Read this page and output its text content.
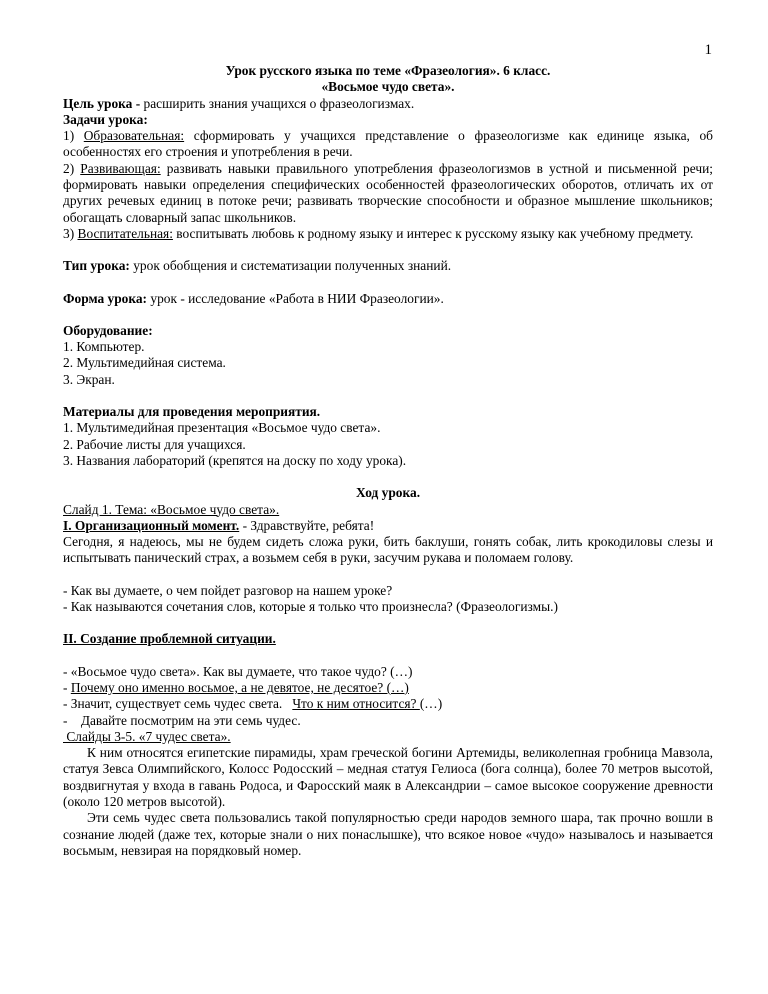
1

Урок русского языка по теме «Фразеология». 6 класс.

«Восьмое чудо света».

Цель урока - расширить знания учащихся о фразеологизмах.

Задачи урока:

1) Образовательная: сформировать у учащихся представление о фразеологизме как единице языка, об особенностях его строения и употребления в речи.

2) Развивающая: развивать навыки правильного употребления фразеологизмов в устной и письменной речи; формировать навыки определения специфических особенностей фразеологических оборотов, отличать их от других речевых единиц в потоке речи; развивать творческие способности и образное мышление школьников; обогащать словарный запас школьников.

3) Воспитательная: воспитывать любовь к родному языку и интерес к русскому языку как учебному предмету.

Тип урока: урок обобщения и систематизации полученных знаний.

Форма урока: урок - исследование «Работа в НИИ Фразеологии».

Оборудование:

1. Компьютер.

2. Мультимедийная система.

3. Экран.

Материалы для проведения мероприятия.

1. Мультимедийная презентация «Восьмое чудо света».

2. Рабочие листы для учащихся.

3. Названия лабораторий (крепятся на доску по ходу урока).

Ход урока.

Слайд 1. Тема: «Восьмое чудо света».

I. Организационный момент. - Здравствуйте, ребята!

Сегодня, я надеюсь, мы не будем сидеть сложа руки, бить баклуши, гонять собак, лить крокодиловы слезы и испытывать панический страх, а возьмем себя в руки, засучим рукава и поломаем голову.

- Как вы думаете, о чем пойдет разговор на нашем уроке?

- Как называются сочетания слов, которые я только что произнесла? (Фразеологизмы.)

II. Создание проблемной ситуации.

- «Восьмое чудо света». Как вы думаете, что такое чудо? (…)

- Почему оно именно восьмое, а не девятое, не десятое? (…)

- Значит, существует семь чудес света.   Что к ним относится? (…)

-    Давайте посмотрим на эти семь чудес.

Слайды 3-5. «7 чудес света».

К ним относятся египетские пирамиды, храм греческой богини Артемиды, великолепная гробница Мавзола, статуя Зевса Олимпийского, Колосс Родосский – медная статуя Гелиоса (бога солнца), более 70 метров высотой, воздвигнутая у входа в гавань Родоса, и Фаросский маяк в Александрии – самое высокое сооружение древности (около 120 метров высотой).

Эти семь чудес света пользовались такой популярностью среди народов земного шара, так прочно вошли в сознание людей (даже тех, которые знали о них понаслышке), что всякое новое «чудо» называлось и называется восьмым, невзирая на порядковый номер.
